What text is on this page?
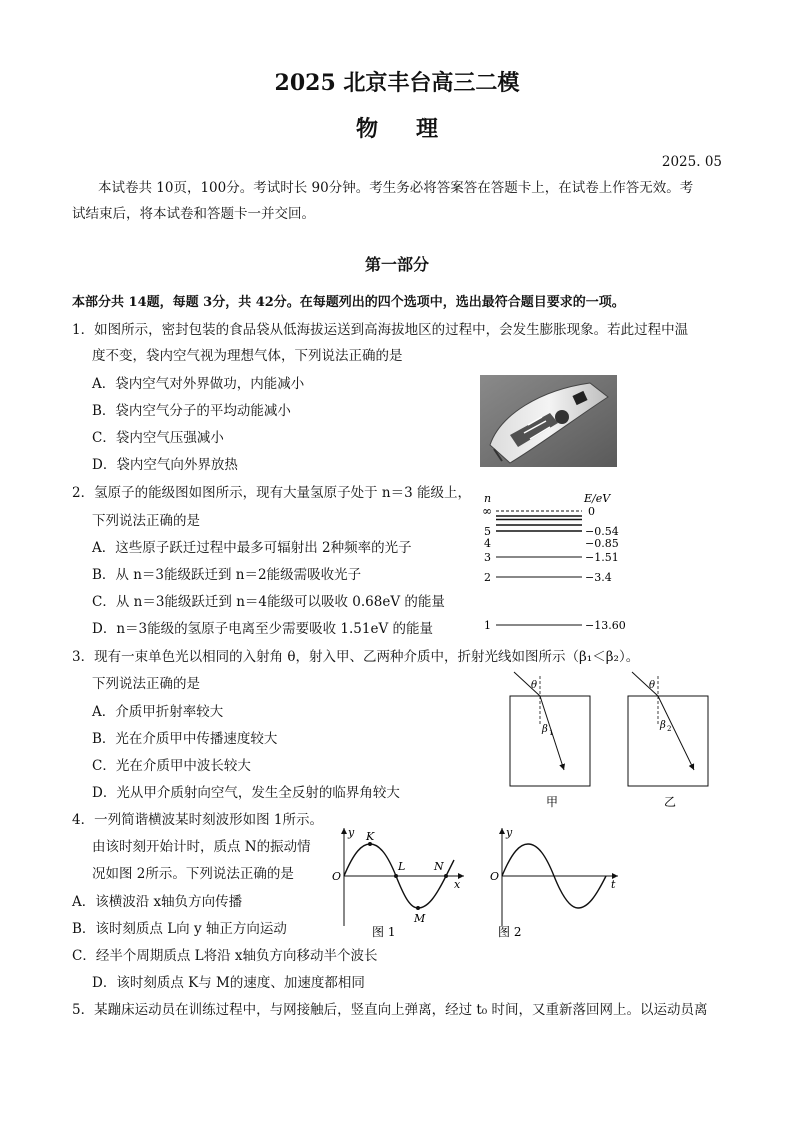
2025 北京丰台高三二模
物理
2025. 05
本试卷共 10页，100分。考试时长 90分钟。考生务必将答案答在答题卡上，在试卷上作答无效。考
试结束后，将本试卷和答题卡一并交回。
第一部分
本部分共 14题，每题 3分，共 42分。在每题列出的四个选项中，选出最符合题目要求的一项。
1．如图所示，密封包装的食品袋从低海拔运送到高海拔地区的过程中，会发生膨胀现象。若此过程中温
度不变，袋内空气视为理想气体，下列说法正确的是
A．袋内空气对外界做功，内能减小
B．袋内空气分子的平均动能减小
C．袋内空气压强减小
D．袋内空气向外界放热
2．氢原子的能级图如图所示，现有大量氢原子处于 n＝3 能级上，
下列说法正确的是
A．这些原子跃迁过程中最多可辐射出 2种频率的光子
B．从 n＝3能级跃迁到 n＝2能级需吸收光子
C．从 n＝3能级跃迁到 n＝4能级可以吸收 0.68eV 的能量
D．n＝3能级的氢原子电离至少需要吸收 1.51eV 的能量
n	E/eV
∞	0
5	−0.54
4	−0.85
3	−1.51
2	−3.4
1	−13.60
3．现有一束单色光以相同的入射角 θ，射入甲、乙两种介质中，折射光线如图所示（β₁＜β₂）。
下列说法正确的是
A．介质甲折射率较大
B．光在介质甲中传播速度较大
C．光在介质甲中波长较大
D．光从甲介质射向空气，发生全反射的临界角较大
θ
β 1
甲
θ
β 2
乙
4．一列简谐横波某时刻波形如图 1所示。
由该时刻开始计时，质点 N的振动情
况如图 2所示。下列说法正确的是
A．该横波沿 x轴负方向传播
B．该时刻质点 L向 y 轴正方向运动
C．经半个周期质点 L将沿 x轴负方向移动半个波长
D．该时刻质点 K与 M的速度、加速度都相同
y
x
O
K
L	N
M
图 1
y
t
O
图 2
5．某蹦床运动员在训练过程中，与网接触后，竖直向上弹离，经过 t₀ 时间，又重新落回网上。以运动员离
